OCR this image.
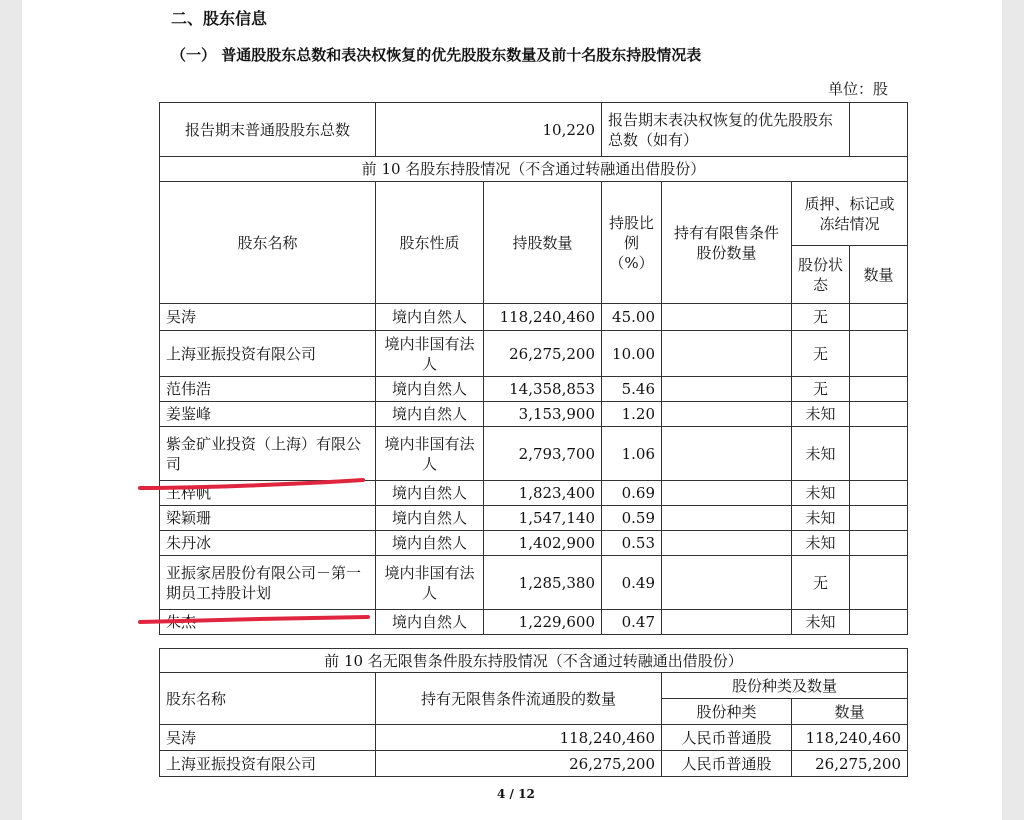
二、股东信息
（一） 普通股股东总数和表决权恢复的优先股股东数量及前十名股东持股情况表
单位：股
报告期末普通股股东总数	10,220		报告期末表决权恢复的优先股股东总数（如有）			
前 10 名股东持股情况（不含通过转融通出借股份）						
股东名称	股东性质	持股数量	持股比例（%）	持有有限售条件股份数量	质押、标记或冻结情况	
					股份状态	数量
吴涛	境内自然人	118,240,460	45.00		无	
上海亚振投资有限公司	境内非国有法人	26,275,200	10.00		无	
范伟浩	境内自然人	14,358,853	5.46		无	
姜鉴峰	境内自然人	3,153,900	1.20		未知	
紫金矿业投资（上海）有限公司	境内非国有法人	2,793,700	1.06		未知	
王梓帆	境内自然人	1,823,400	0.69		未知	
梁颖珊	境内自然人	1,547,140	0.59		未知	
朱丹冰	境内自然人	1,402,900	0.53		未知	
亚振家居股份有限公司－第一期员工持股计划	境内非国有法人	1,285,380	0.49		无	
朱杰	境内自然人	1,229,600	0.47		未知	
前 10 名无限售条件股东持股情况（不含通过转融通出借股份）			
股东名称	持有无限售条件流通股的数量	股份种类及数量	
		股份种类	数量
吴涛	118,240,460	人民币普通股	118,240,460
上海亚振投资有限公司	26,275,200	人民币普通股	26,275,200
4 / 12
